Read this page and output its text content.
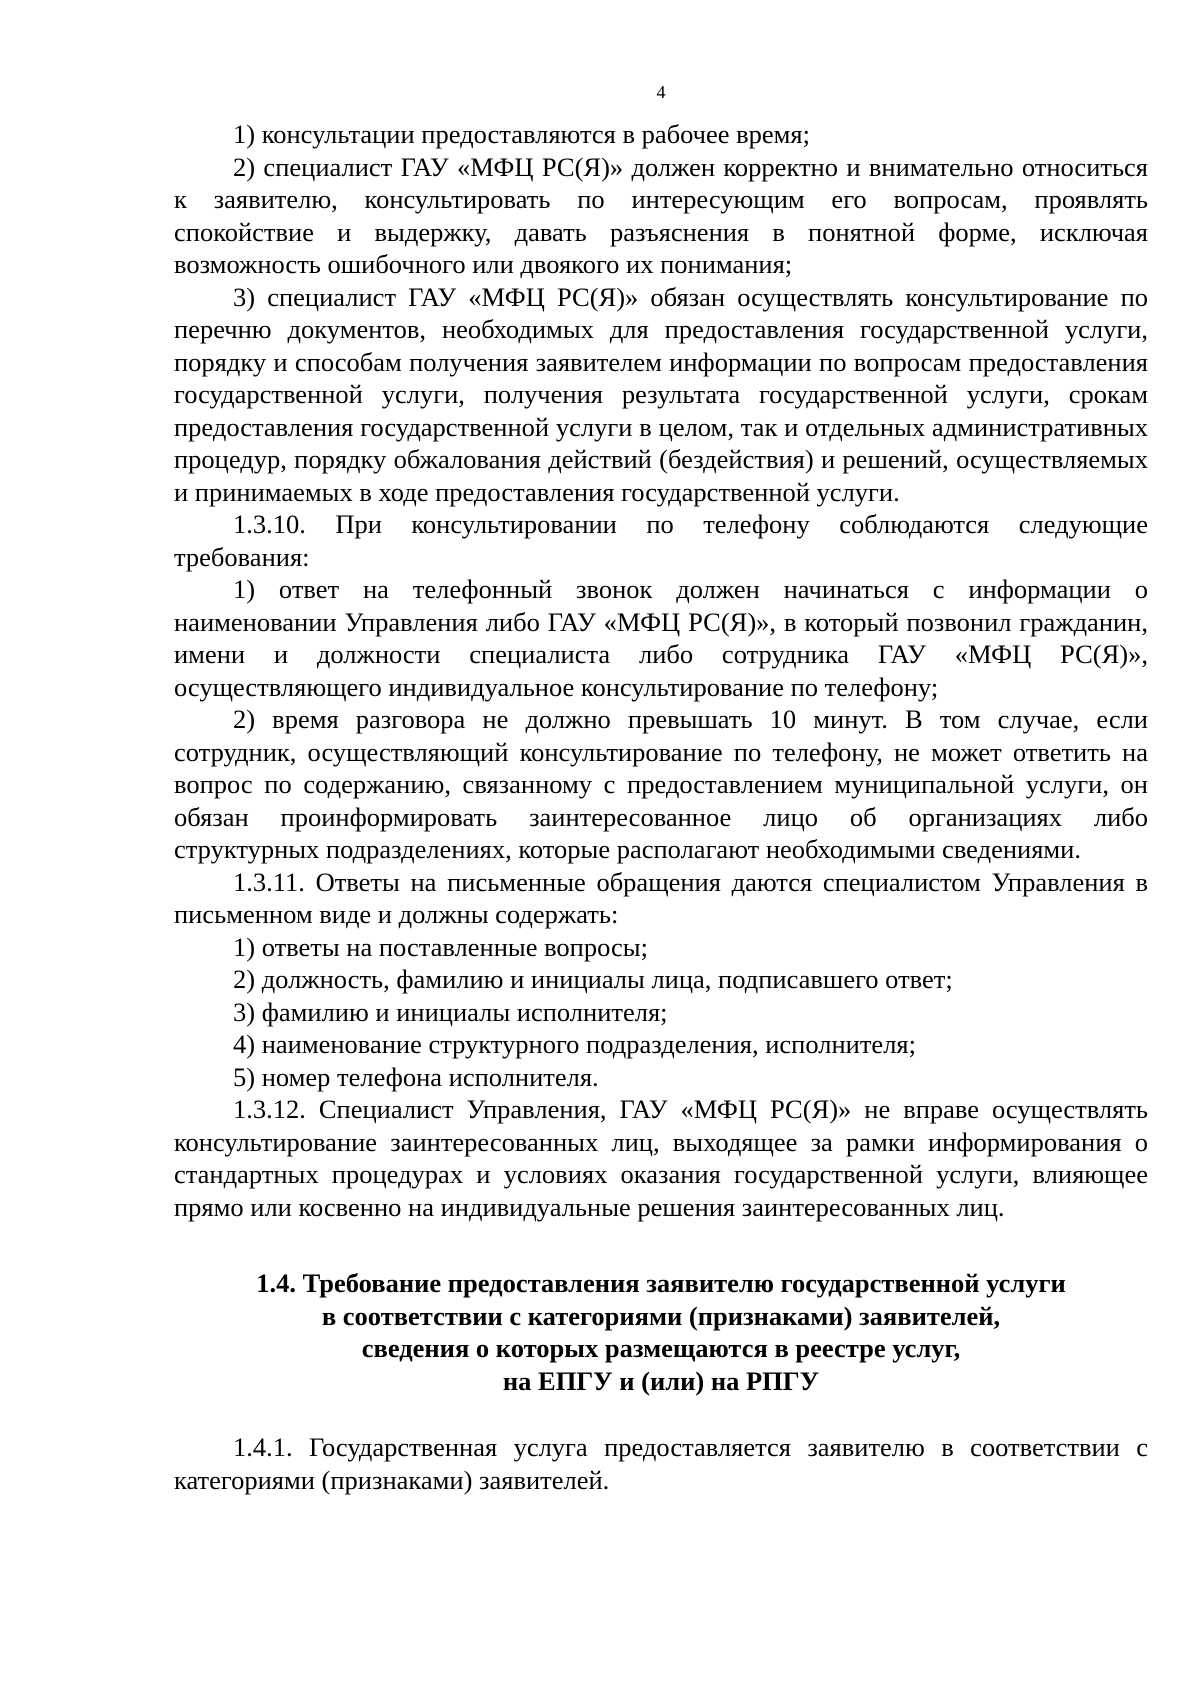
4

1) консультации предоставляются в рабочее время;

2) специалист ГАУ «МФЦ РС(Я)» должен корректно и внимательно относиться к заявителю, консультировать по интересующим его вопросам, проявлять спокойствие и выдержку, давать разъяснения в понятной форме, исключая возможность ошибочного или двоякого их понимания;

3) специалист ГАУ «МФЦ РС(Я)» обязан осуществлять консультирование по перечню документов, необходимых для предоставления государственной услуги, порядку и способам получения заявителем информации по вопросам предоставления государственной услуги, получения результата государственной услуги, срокам предоставления государственной услуги в целом, так и отдельных административных процедур, порядку обжалования действий (бездействия) и решений, осуществляемых и принимаемых в ходе предоставления государственной услуги.

1.3.10. При консультировании по телефону соблюдаются следующие требования:

1) ответ на телефонный звонок должен начинаться с информации о наименовании Управления либо ГАУ «МФЦ РС(Я)», в который позвонил гражданин, имени и должности специалиста либо сотрудника ГАУ «МФЦ РС(Я)», осуществляющего индивидуальное консультирование по телефону;

2) время разговора не должно превышать 10 минут. В том случае, если сотрудник, осуществляющий консультирование по телефону, не может ответить на вопрос по содержанию, связанному с предоставлением муниципальной услуги, он обязан проинформировать заинтересованное лицо об организациях либо структурных подразделениях, которые располагают необходимыми сведениями.

1.3.11. Ответы на письменные обращения даются специалистом Управления в письменном виде и должны содержать:

1) ответы на поставленные вопросы;

2) должность, фамилию и инициалы лица, подписавшего ответ;

3) фамилию и инициалы исполнителя;

4) наименование структурного подразделения, исполнителя;

5) номер телефона исполнителя.

1.3.12. Специалист Управления, ГАУ «МФЦ РС(Я)» не вправе осуществлять консультирование заинтересованных лиц, выходящее за рамки информирования о стандартных процедурах и условиях оказания государственной услуги, влияющее прямо или косвенно на индивидуальные решения заинтересованных лиц.

1.4. Требование предоставления заявителю государственной услуги
в соответствии с категориями (признаками) заявителей,
сведения о которых размещаются в реестре услуг,
на ЕПГУ и (или) на РПГУ

1.4.1. Государственная услуга предоставляется заявителю в соответствии с категориями (признаками) заявителей.
